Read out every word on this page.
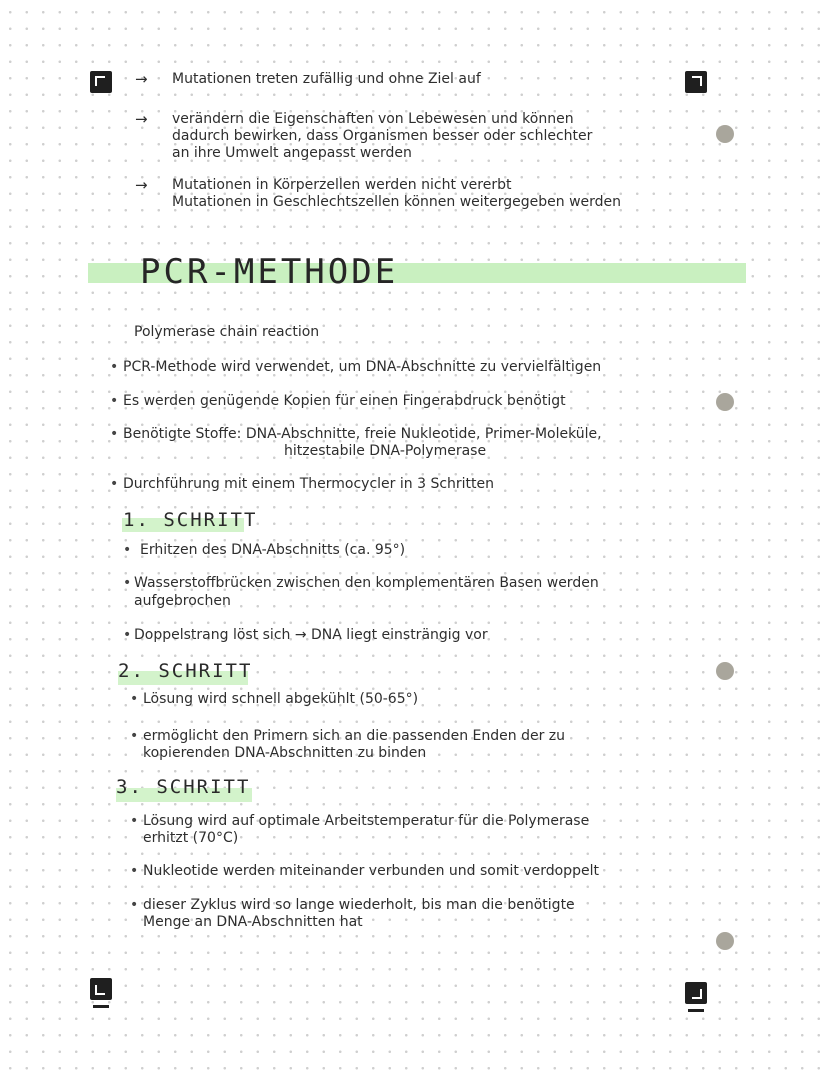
→ Mutationen treten zufällig und ohne Ziel auf
→ verändern die Eigenschaften von Lebewesen und können
dadurch bewirken, dass Organismen besser oder schlechter
an ihre Umwelt angepasst werden
→ Mutationen in Körperzellen werden nicht vererbt
Mutationen in Geschlechtszellen können weitergegeben werden
PCR-METHODE
Polymerase chain reaction
• PCR-Methode wird verwendet, um DNA-Abschnitte zu vervielfältigen
• Es werden genügende Kopien für einen Fingerabdruck benötigt
• Benötigte Stoffe: DNA-Abschnitte, freie Nukleotide, Primer-Moleküle,
hitzestabile DNA-Polymerase
• Durchführung mit einem Thermocycler in 3 Schritten
1. SCHRITT
• Erhitzen des DNA-Abschnitts (ca. 95°)
• Wasserstoffbrücken zwischen den komplementären Basen werden
aufgebrochen
• Doppelstrang löst sich → DNA liegt einsträngig vor
2. SCHRITT
• Lösung wird schnell abgekühlt (50-65°)
• ermöglicht den Primern sich an die passenden Enden der zu
kopierenden DNA-Abschnitten zu binden
3. SCHRITT
• Lösung wird auf optimale Arbeitstemperatur für die Polymerase
erhitzt (70°C)
• Nukleotide werden miteinander verbunden und somit verdoppelt
• dieser Zyklus wird so lange wiederholt, bis man die benötigte
Menge an DNA-Abschnitten hat
